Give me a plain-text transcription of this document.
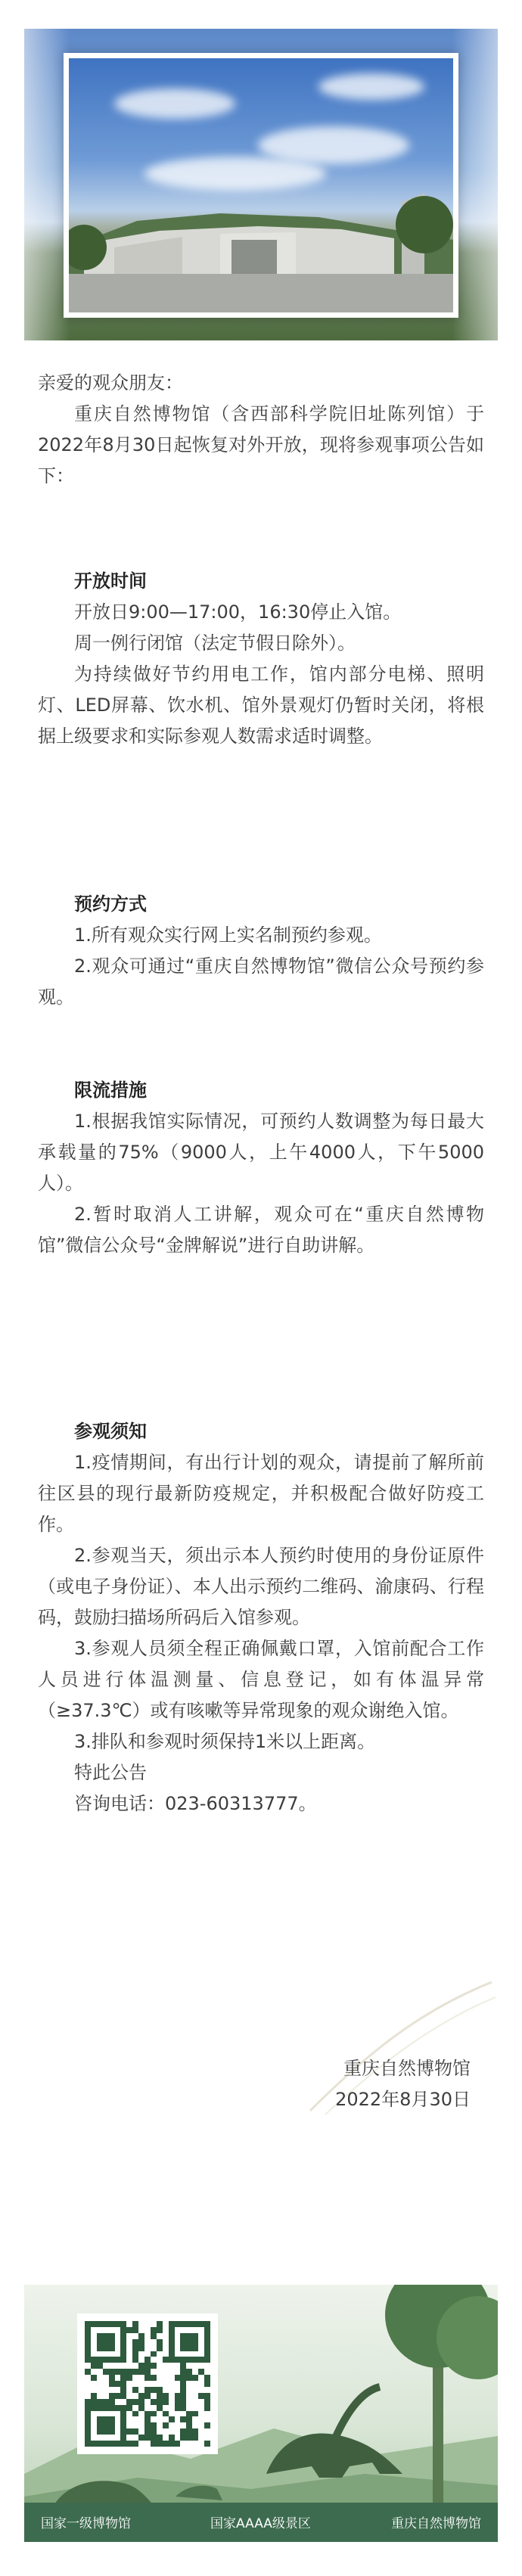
亲爱的观众朋友：
重庆自然博物馆（含西部科学院旧址陈列馆）于2022年8月30日起恢复对外开放，现将参观事项公告如下：
开放时间
开放日9:00—17:00，16:30停止入馆。
周一例行闭馆（法定节假日除外）。
为持续做好节约用电工作，馆内部分电梯、照明灯、LED屏幕、饮水机、馆外景观灯仍暂时关闭，将根据上级要求和实际参观人数需求适时调整。
预约方式
1.所有观众实行网上实名制预约参观。
2.观众可通过“重庆自然博物馆”微信公众号预约参观。
限流措施
1.根据我馆实际情况，可预约人数调整为每日最大承载量的75%（9000人，上午4000人，下午5000人）。
2.暂时取消人工讲解，观众可在“重庆自然博物馆”微信公众号“金牌解说”进行自助讲解。
参观须知
1.疫情期间，有出行计划的观众，请提前了解所前往区县的现行最新防疫规定，并积极配合做好防疫工作。
2.参观当天，须出示本人预约时使用的身份证原件（或电子身份证）、本人出示预约二维码、渝康码、行程码，鼓励扫描场所码后入馆参观。
3.参观人员须全程正确佩戴口罩，入馆前配合工作人员进行体温测量、信息登记，如有体温异常（≥37.3℃）或有咳嗽等异常现象的观众谢绝入馆。
3.排队和参观时须保持1米以上距离。
特此公告
咨询电话：023-60313777。
重庆自然博物馆
2022年8月30日
国家一级博物馆	国家AAAA级景区	重庆自然博物馆
